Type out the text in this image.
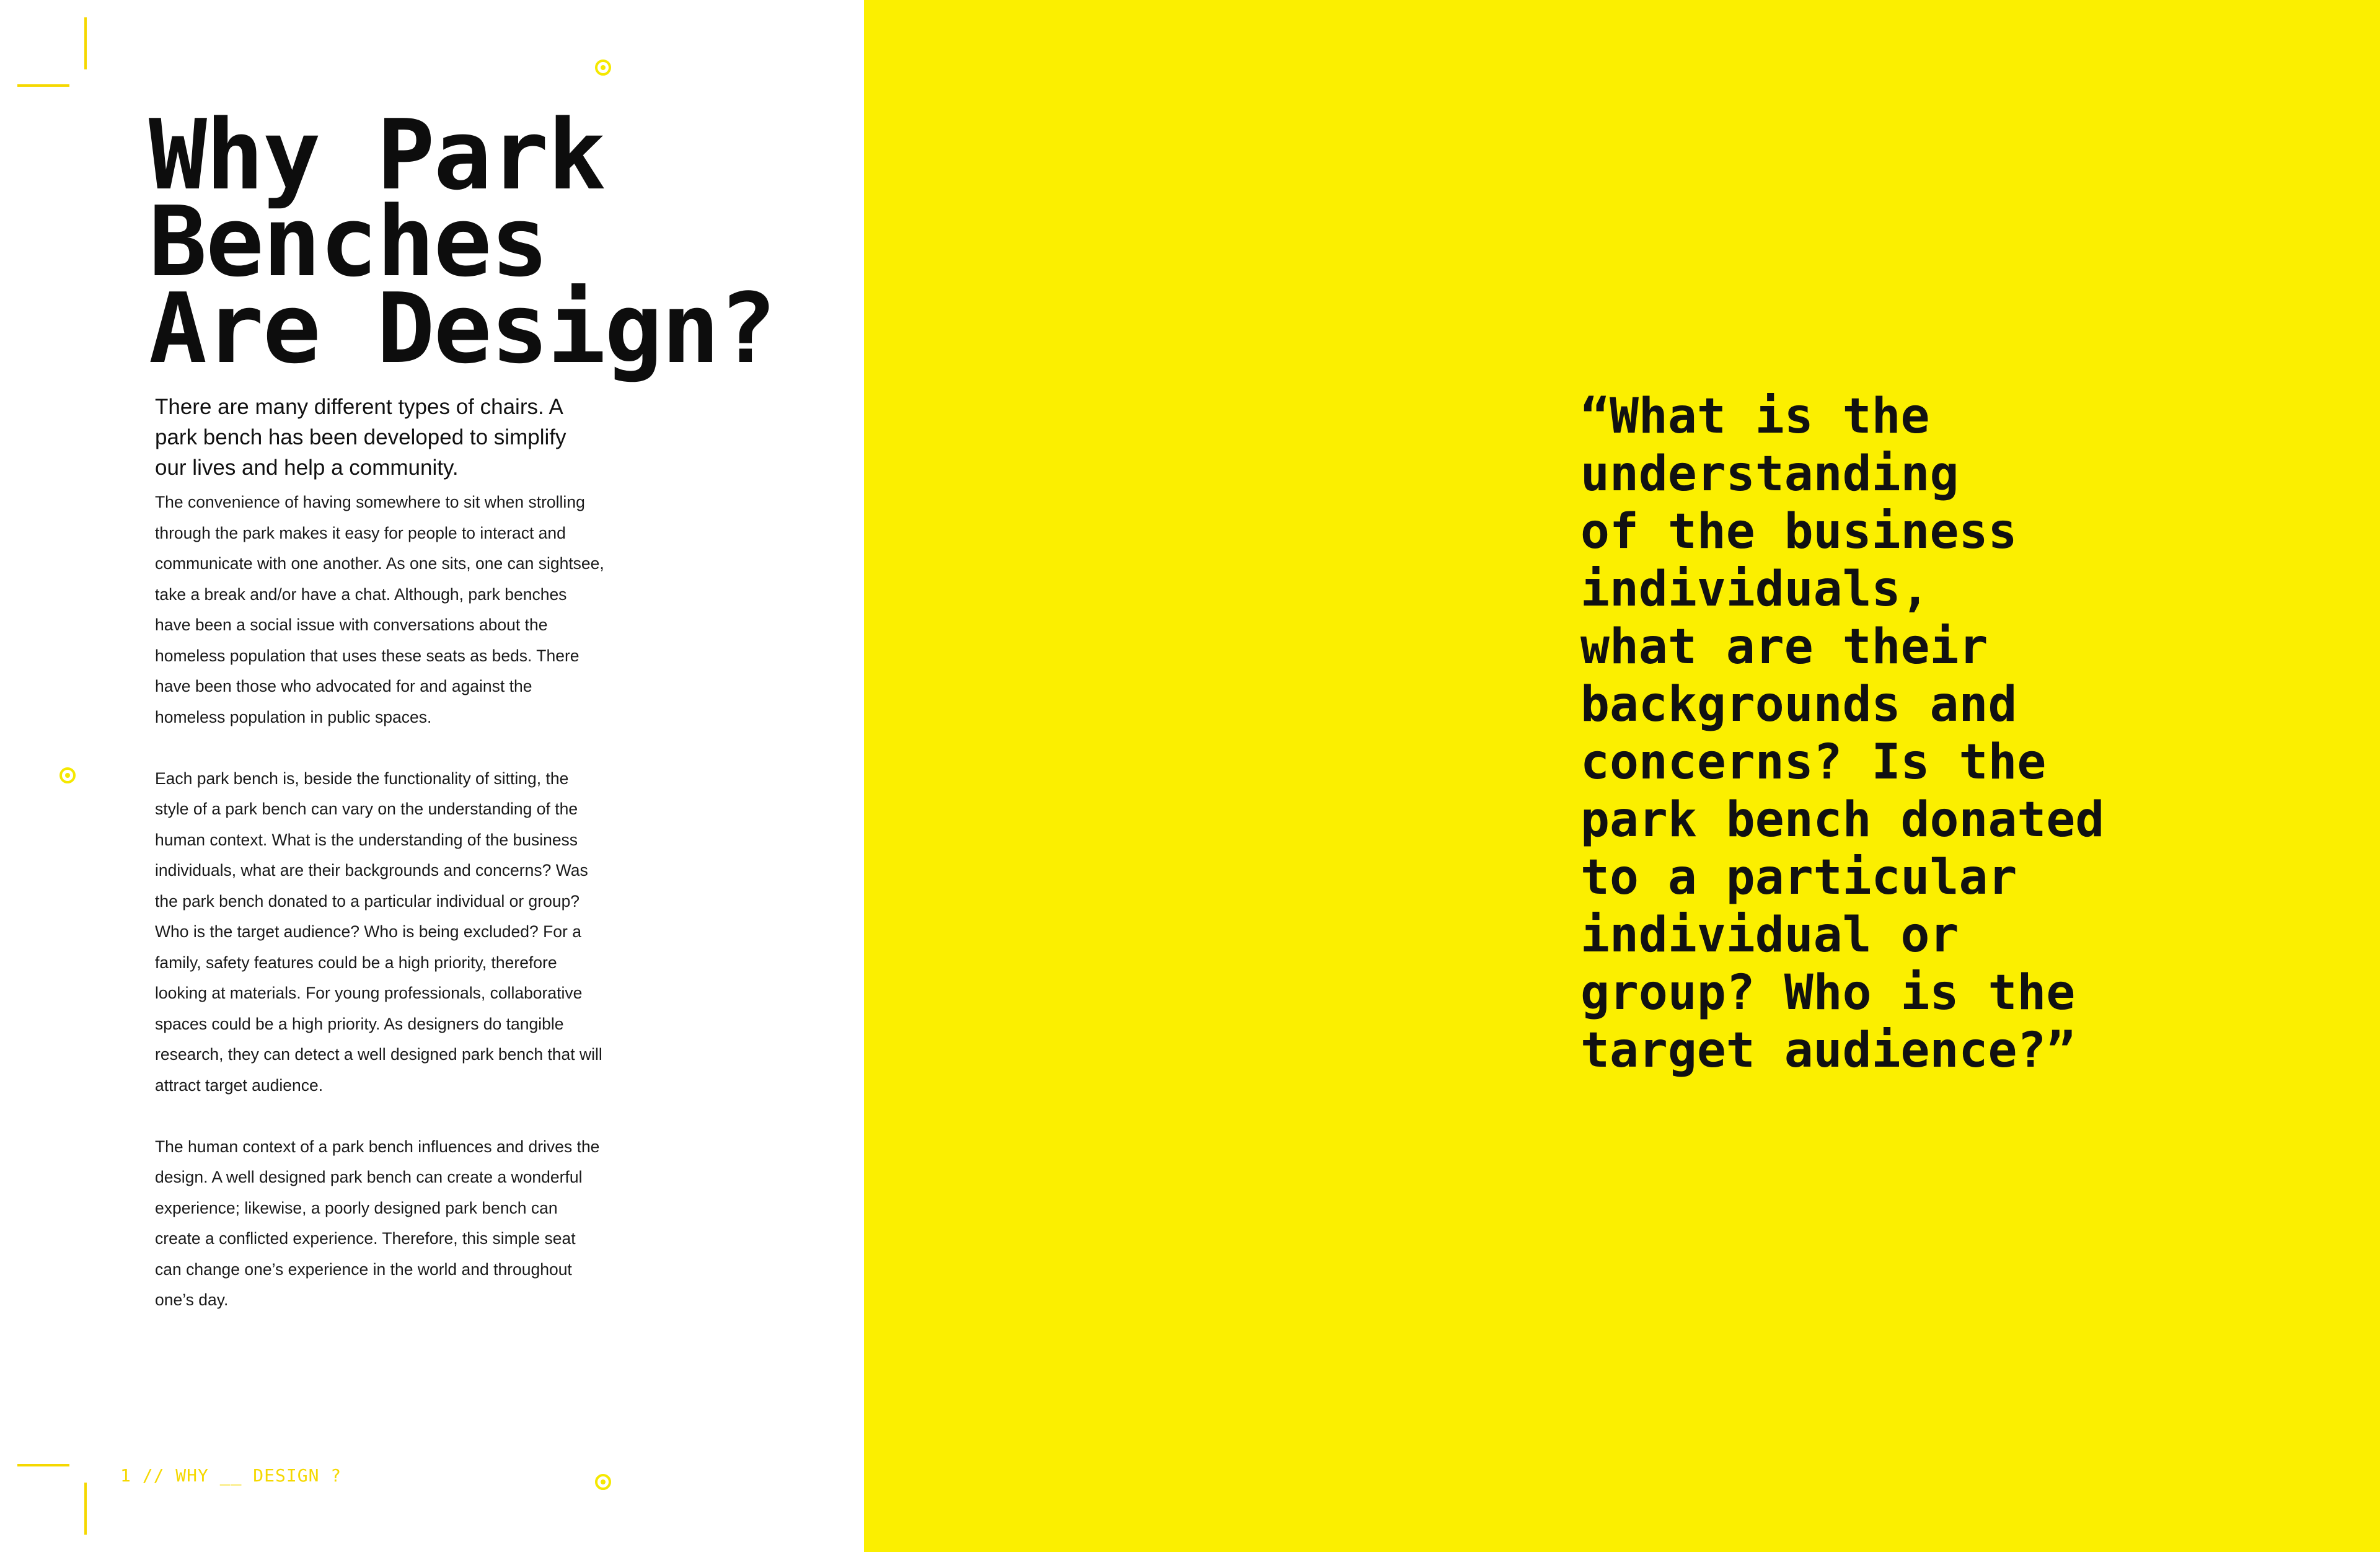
Why Park
Benches
Are Design?

There are many different types of chairs. A park bench has been developed to simplify our lives and help a community.

The convenience of having somewhere to sit when strolling through the park makes it easy for people to interact and communicate with one another. As one sits, one can sightsee, take a break and/or have a chat. Although, park benches have been a social issue with conversations about the homeless population that uses these seats as beds. There have been those who advocated for and against the homeless population in public spaces.

Each park bench is, beside the functionality of sitting, the style of a park bench can vary on the understanding of the human context. What is the understanding of the business individuals, what are their backgrounds and concerns? Was the park bench donated to a particular individual or group? Who is the target audience? Who is being excluded? For a family, safety features could be a high priority, therefore looking at materials. For young professionals, collaborative spaces could be a high priority. As designers do tangible research, they can detect a well designed park bench that will attract target audience.

The human context of a park bench influences and drives the design. A well designed park bench can create a wonderful experience; likewise, a poorly designed park bench can create a conflicted experience. Therefore, this simple seat can change one’s experience in the world and throughout one’s day.

1 // WHY __ DESIGN ?
“What is the
understanding
of the business
individuals,
what are their
backgrounds and
concerns? Is the
park bench donated
to a particular
individual or
group? Who is the
target audience?”
